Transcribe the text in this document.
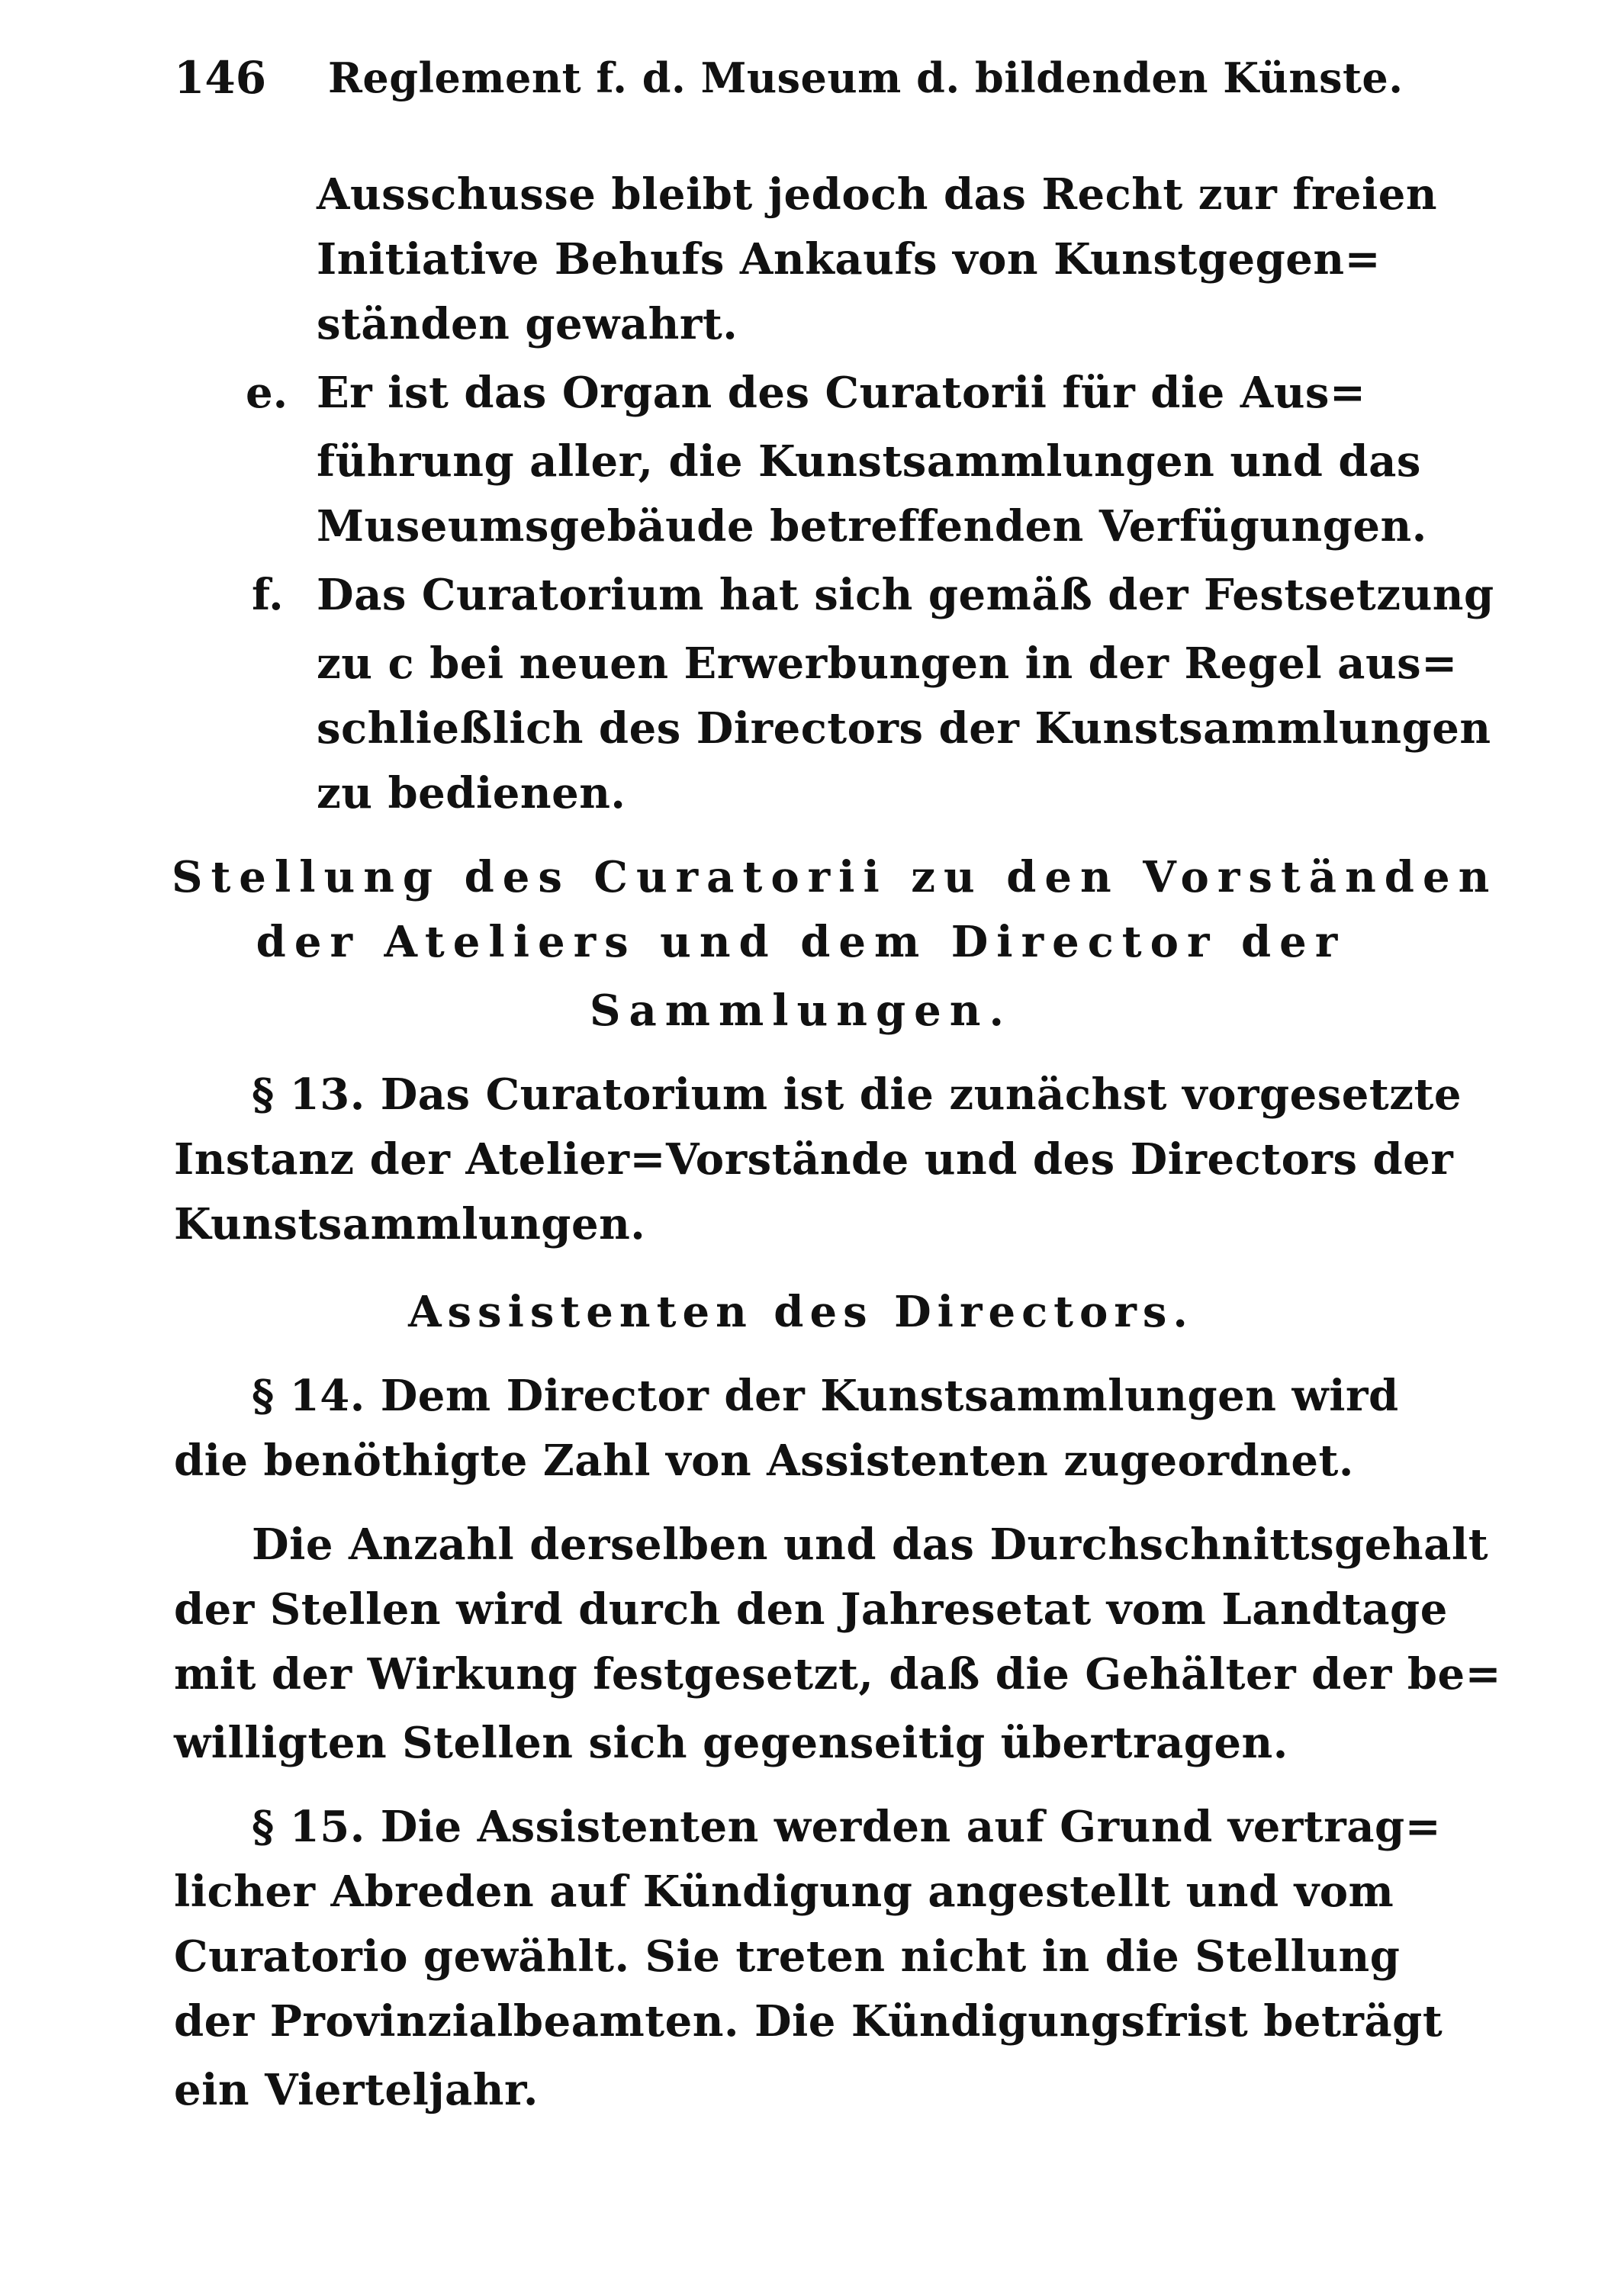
146 Reglement f. d. Museum d. bildenden Künste.
Ausschusse bleibt jedoch das Recht zur freien
Initiative Behufs Ankaufs von Kunstgegen=
ständen gewahrt.
e. Er ist das Organ des Curatorii für die Aus=
führung aller, die Kunstsammlungen und das
Museumsgebäude betreffenden Verfügungen.
f. Das Curatorium hat sich gemäß der Festsetzung
zu c bei neuen Erwerbungen in der Regel aus=
schließlich des Directors der Kunstsammlungen
zu bedienen.
Stellung des Curatorii zu den Vorständen
der Ateliers und dem Director der
Sammlungen.
§ 13. Das Curatorium ist die zunächst vorgesetzte
Instanz der Atelier=Vorstände und des Directors der
Kunstsammlungen.
Assistenten des Directors.
§ 14. Dem Director der Kunstsammlungen wird
die benöthigte Zahl von Assistenten zugeordnet.
Die Anzahl derselben und das Durchschnittsgehalt
der Stellen wird durch den Jahresetat vom Landtage
mit der Wirkung festgesetzt, daß die Gehälter der be=
willigten Stellen sich gegenseitig übertragen.
§ 15. Die Assistenten werden auf Grund vertrag=
licher Abreden auf Kündigung angestellt und vom
Curatorio gewählt. Sie treten nicht in die Stellung
der Provinzialbeamten. Die Kündigungsfrist beträgt
ein Vierteljahr.
